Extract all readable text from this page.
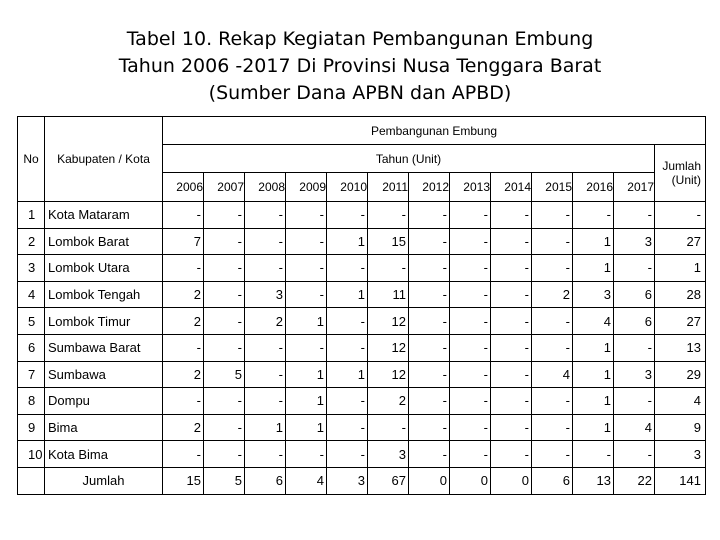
Tabel 10. Rekap Kegiatan Pembangunan Embung
Tahun 2006 -2017 Di Provinsi Nusa Tenggara Barat
(Sumber Dana APBN dan APBD)
No	Kabupaten / Kota	Pembangunan Embung												
		Tahun (Unit)												Jumlah (Unit)
		2006	2007	2008	2009	2010	2011	2012	2013	2014	2015	2016	2017	
1	Kota Mataram	-	-	-	-	-	-	-	-	-	-	-	-	-
2	Lombok Barat	7	-	-	-	1	15	-	-	-	-	1	3	27
3	Lombok Utara	-	-	-	-	-	-	-	-	-	-	1	-	1
4	Lombok Tengah	2	-	3	-	1	11	-	-	-	2	3	6	28
5	Lombok Timur	2	-	2	1	-	12	-	-	-	-	4	6	27
6	Sumbawa Barat	-	-	-	-	-	12	-	-	-	-	1	-	13
7	Sumbawa	2	5	-	1	1	12	-	-	-	4	1	3	29
8	Dompu	-	-	-	1	-	2	-	-	-	-	1	-	4
9	Bima	2	-	1	1	-	-	-	-	-	-	1	4	9
10	Kota Bima	-	-	-	-	-	3	-	-	-	-	-	-	3
	Jumlah	15	5	6	4	3	67	0	0	0	6	13	22	141
